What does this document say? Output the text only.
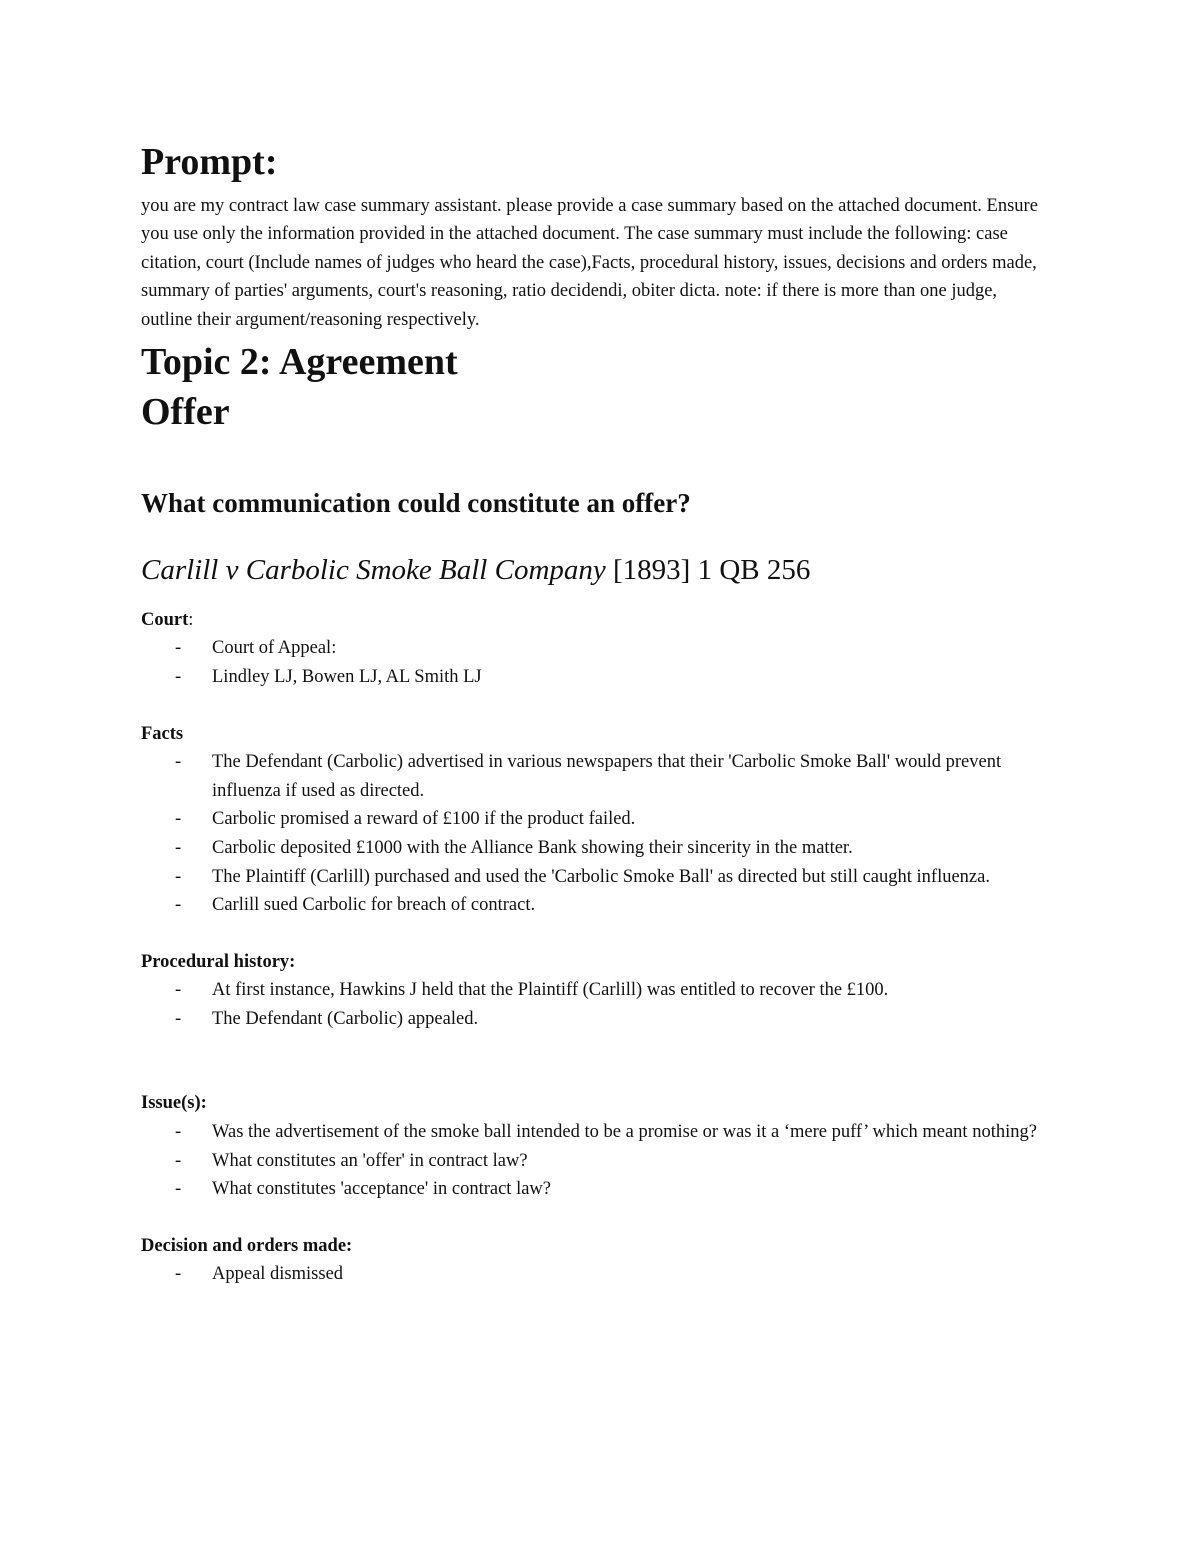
Prompt:

you are my contract law case summary assistant. please provide a case summary based on the attached document. Ensure you use only the information provided in the attached document. The case summary must include the following: case citation, court (Include names of judges who heard the case),Facts, procedural history, issues, decisions and orders made, summary of parties' arguments, court's reasoning, ratio decidendi, obiter dicta. note: if there is more than one judge, outline their argument/reasoning respectively.

Topic 2: Agreement
Offer
What communication could constitute an offer?
Carlill v Carbolic Smoke Ball Company [1893] 1 QB 256

Court:

- Court of Appeal:
- Lindley LJ, Bowen LJ, AL Smith LJ

Facts

- The Defendant (Carbolic) advertised in various newspapers that their 'Carbolic Smoke Ball' would prevent influenza if used as directed.
- Carbolic promised a reward of £100 if the product failed.
- Carbolic deposited £1000 with the Alliance Bank showing their sincerity in the matter.
- The Plaintiff (Carlill) purchased and used the 'Carbolic Smoke Ball' as directed but still caught influenza.
- Carlill sued Carbolic for breach of contract.

Procedural history:

- At first instance, Hawkins J held that the Plaintiff (Carlill) was entitled to recover the £100.
- The Defendant (Carbolic) appealed.

Issue(s):

- Was the advertisement of the smoke ball intended to be a promise or was it a ‘mere puff’ which meant nothing?
- What constitutes an 'offer' in contract law?
- What constitutes 'acceptance' in contract law?

Decision and orders made:

- Appeal dismissed
